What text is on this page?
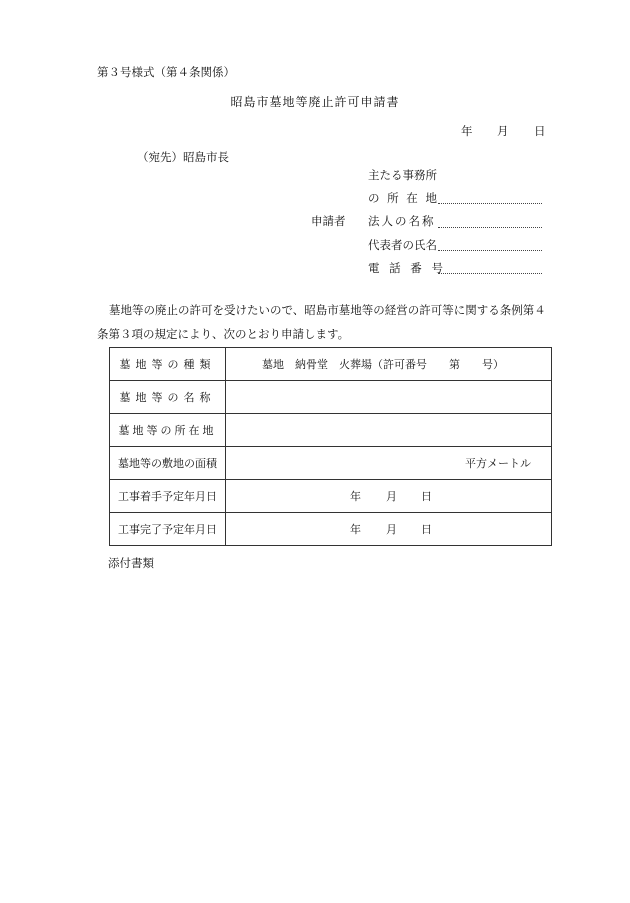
第３号様式（第４条関係）
昭島市墓地等廃止許可申請書
年 月 日
（宛先）昭島市長
主たる事務所
の 所 在 地
申請者 法人の名称
代表者の氏名
電 話 番 号
墓地等の廃止の許可を受けたいので、昭島市墓地等の経営の許可等に関する条例第４
条第３項の規定により、次のとおり申請します。
墓地等の種類	墓地　納骨堂　火葬場（許可番号　　第　　号）

墓地等の名称	
墓地等の所在地	
墓地等の敷地の面積	平方メートル

工事着手予定年月日	年 月 日

工事完了予定年月日	年 月 日
添付書類
